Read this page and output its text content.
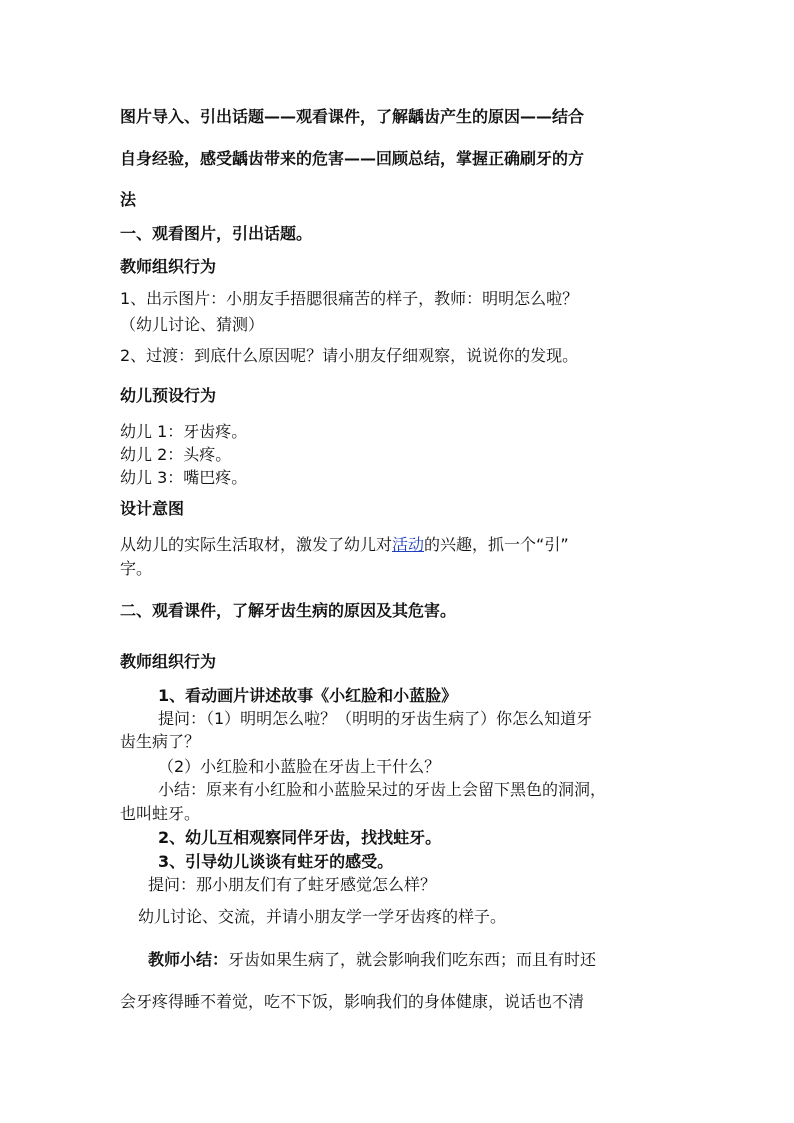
图片导入、引出话题——观看课件，了解龋齿产生的原因——结合
自身经验，感受龋齿带来的危害——回顾总结，掌握正确刷牙的方
法
一、观看图片，引出话题。
教师组织行为
1、出示图片：小朋友手捂腮很痛苦的样子，教师：明明怎么啦？
（幼儿讨论、猜测）
2、过渡：到底什么原因呢？请小朋友仔细观察，说说你的发现。
幼儿预设行为
幼儿 1：牙齿疼。
幼儿 2：头疼。
幼儿 3：嘴巴疼。
设计意图
从幼儿的实际生活取材，激发了幼儿对活动的兴趣，抓一个“引”
字。
二、观看课件，了解牙齿生病的原因及其危害。
教师组织行为
1、看动画片讲述故事《小红脸和小蓝脸》
提问：（1）明明怎么啦？（明明的牙齿生病了）你怎么知道牙
齿生病了？
（2）小红脸和小蓝脸在牙齿上干什么？
小结：原来有小红脸和小蓝脸呆过的牙齿上会留下黑色的洞洞，
也叫蛀牙。
2、幼儿互相观察同伴牙齿，找找蛀牙。
3、引导幼儿谈谈有蛀牙的感受。
提问：那小朋友们有了蛀牙感觉怎么样？
幼儿讨论、交流，并请小朋友学一学牙齿疼的样子。
教师小结：牙齿如果生病了，就会影响我们吃东西；而且有时还
会牙疼得睡不着觉，吃不下饭，影响我们的身体健康，说话也不清
